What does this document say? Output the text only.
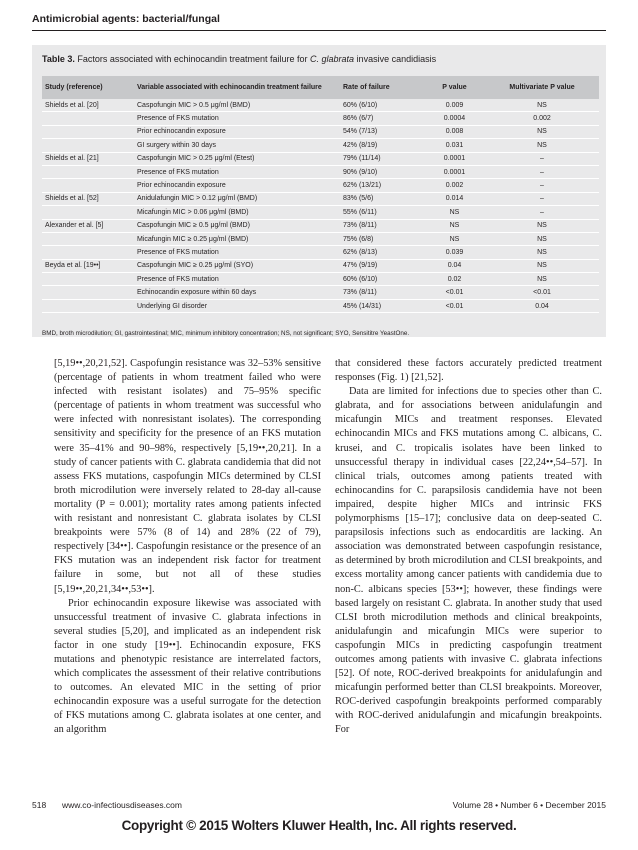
Antimicrobial agents: bacterial/fungal
Table 3. Factors associated with echinocandin treatment failure for C. glabrata invasive candidiasis
Study (reference)	Variable associated with echinocandin treatment failure	Rate of failure	P value	Multivariate P value
Shields et al. [20]	Caspofungin MIC > 0.5 μg/ml (BMD)	60% (6/10)	0.009	NS
	Presence of FKS mutation	86% (6/7)	0.0004	0.002
	Prior echinocandin exposure	54% (7/13)	0.008	NS
	GI surgery within 30 days	42% (8/19)	0.031	NS
Shields et al. [21]	Caspofungin MIC > 0.25 μg/ml (Etest)	79% (11/14)	0.0001	–
	Presence of FKS mutation	90% (9/10)	0.0001	–
	Prior echinocandin exposure	62% (13/21)	0.002	–
Shields et al. [52]	Anidulafungin MIC > 0.12 μg/ml (BMD)	83% (5/6)	0.014	–
	Micafungin MIC > 0.06 μg/ml (BMD)	55% (6/11)	NS	–
Alexander et al. [5]	Caspofungin MIC ≥ 0.5 μg/ml (BMD)	73% (8/11)	NS	NS
	Micafungin MIC ≥ 0.25 μg/ml (BMD)	75% (6/8)	NS	NS
	Presence of FKS mutation	62% (8/13)	0.039	NS
Beyda et al. [19••]	Caspofungin MIC ≥ 0.25 μg/ml (SYO)	47% (9/19)	0.04	NS
	Presence of FKS mutation	60% (6/10)	0.02	NS
	Echinocandin exposure within 60 days	73% (8/11)	<0.01	<0.01
	Underlying GI disorder	45% (14/31)	<0.01	0.04
BMD, broth microdilution; GI, gastrointestinal; MIC, minimum inhibitory concentration; NS, not significant; SYO, Sensititre YeastOne.

[5,19••,20,21,52]. Caspofungin resistance was 32–53% sensitive (percentage of patients in whom treatment failed who were infected with resistant isolates) and 75–95% specific (percentage of patients in whom treatment was successful who were infected with nonresistant isolates). The corresponding sensitivity and specificity for the presence of an FKS mutation were 35–41% and 90–98%, respectively [5,19••,20,21]. In a study of cancer patients with C. glabrata candidemia that did not assess FKS mutations, caspofungin MICs determined by CLSI broth microdilution were inversely related to 28-day all-cause mortality (P = 0.001); mortality rates among patients infected with resistant and nonresistant C. glabrata isolates by CLSI breakpoints were 57% (8 of 14) and 28% (22 of 79), respectively [34••]. Caspofungin resistance or the presence of an FKS mutation was an independent risk factor for treatment failure in some, but not all of these studies [5,19••,20,21,34••,53••].

Prior echinocandin exposure likewise was associated with unsuccessful treatment of invasive C. glabrata infections in several studies [5,20], and implicated as an independent risk factor in one study [19••]. Echinocandin exposure, FKS mutations and phenotypic resistance are interrelated factors, which complicates the assessment of their relative contributions to outcomes. An elevated MIC in the setting of prior echinocandin exposure was a useful surrogate for the detection of FKS mutations among C. glabrata isolates at one center, and an algorithm

that considered these factors accurately predicted treatment responses (Fig. 1) [21,52].

Data are limited for infections due to species other than C. glabrata, and for associations between anidulafungin and micafungin MICs and treatment responses. Elevated echinocandin MICs and FKS mutations among C. albicans, C. krusei, and C. tropicalis isolates have been linked to unsuccessful therapy in individual cases [22,24••,54–57]. In clinical trials, outcomes among patients treated with echinocandins for C. parapsilosis candidemia have not been impaired, despite higher MICs and intrinsic FKS polymorphisms [15–17]; conclusive data on deep-seated C. parapsilosis infections such as endocarditis are lacking. An association was demonstrated between caspofungin resistance, as determined by broth microdilution and CLSI breakpoints, and excess mortality among cancer patients with candidemia due to non-C. albicans species [53••]; however, these findings were based largely on resistant C. glabrata. In another study that used CLSI broth microdilution methods and clinical breakpoints, anidulafungin and micafungin MICs were superior to caspofungin MICs in predicting caspofungin treatment outcomes among patients with invasive C. glabrata infections [52]. Of note, ROC-derived breakpoints for anidulafungin and micafungin performed better than CLSI breakpoints. Moreover, ROC-derived caspofungin breakpoints performed comparably with ROC-derived anidulafungin and micafungin breakpoints. For

518 www.co-infectiousdiseases.com	Volume 28 • Number 6 • December 2015
Copyright © 2015 Wolters Kluwer Health, Inc. All rights reserved.
